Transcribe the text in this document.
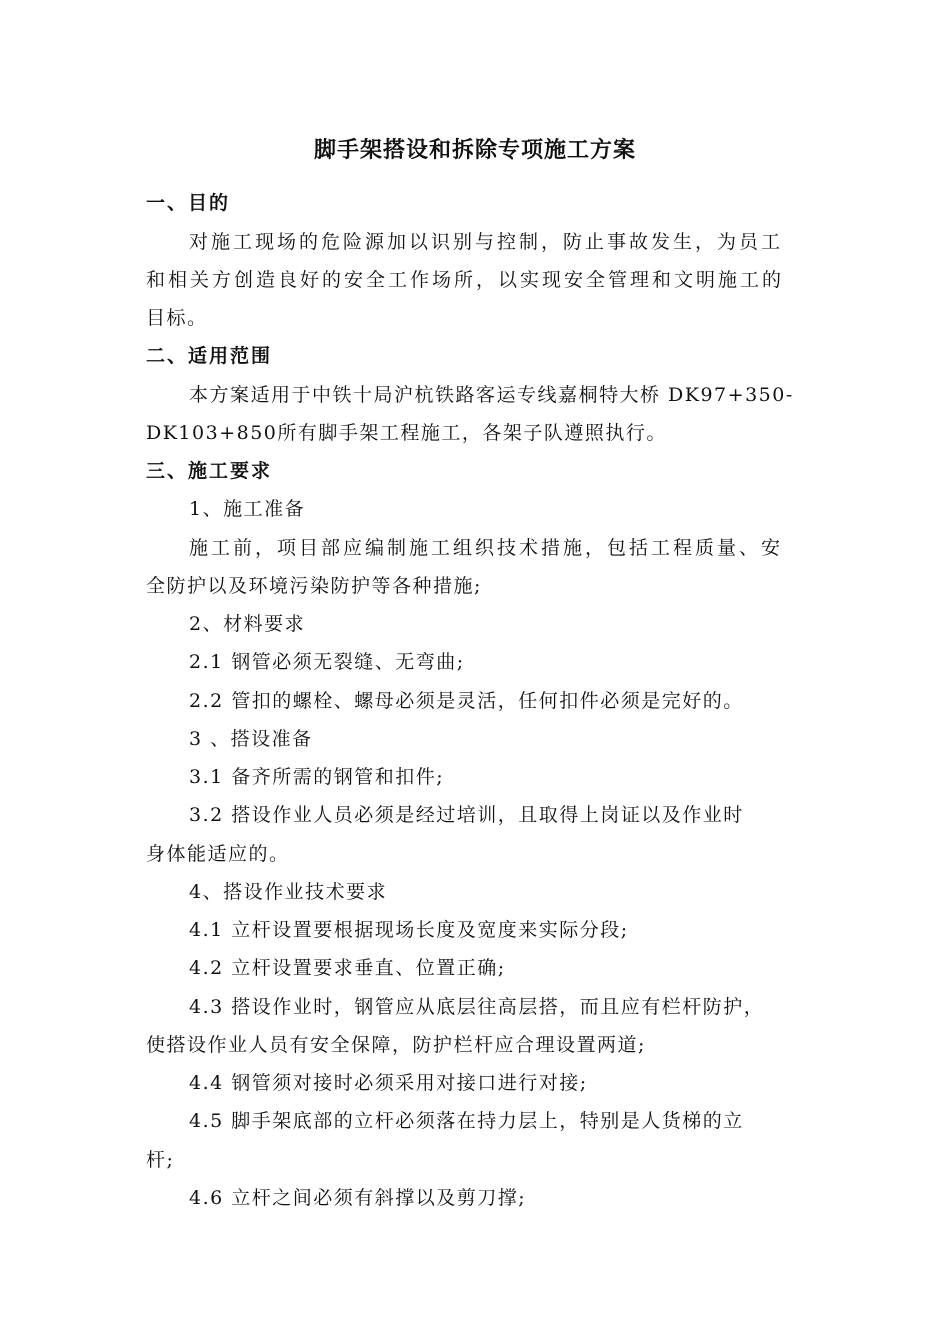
脚手架搭设和拆除专项施工方案
一、目的
对施工现场的危险源加以识别与控制，防止事故发生，为员工
和相关方创造良好的安全工作场所，以实现安全管理和文明施工的
目标。
二、适用范围
本方案适用于中铁十局沪杭铁路客运专线嘉桐特大桥 DK97+350-
DK103+850所有脚手架工程施工，各架子队遵照执行。
三、施工要求
1、施工准备
施工前，项目部应编制施工组织技术措施，包括工程质量、安
全防护以及环境污染防护等各种措施;
2、材料要求
2.1 钢管必须无裂缝、无弯曲;
2.2 管扣的螺栓、螺母必须是灵活，任何扣件必须是完好的。
3 、搭设准备
3.1 备齐所需的钢管和扣件;
3.2 搭设作业人员必须是经过培训，且取得上岗证以及作业时
身体能适应的。
4、搭设作业技术要求
4.1 立杆设置要根据现场长度及宽度来实际分段;
4.2 立杆设置要求垂直、位置正确;
4.3 搭设作业时，钢管应从底层往高层搭，而且应有栏杆防护，
使搭设作业人员有安全保障，防护栏杆应合理设置两道;
4.4 钢管须对接时必须采用对接口进行对接;
4.5 脚手架底部的立杆必须落在持力层上，特别是人货梯的立
杆;
4.6 立杆之间必须有斜撑以及剪刀撑;
